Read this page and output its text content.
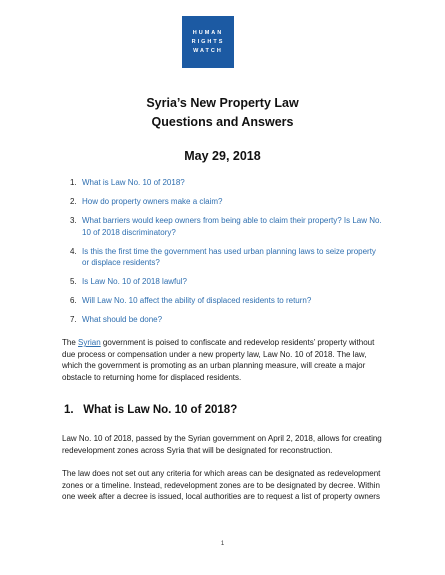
HUMAN
RIGHTS
WATCH
Syria’s New Property Law
Questions and Answers
May 29, 2018
1. What is Law No. 10 of 2018?
2. How do property owners make a claim?
3. What barriers would keep owners from being able to claim their property? Is Law No. 10 of 2018 discriminatory?
4. Is this the first time the government has used urban planning laws to seize property or displace residents?
5. Is Law No. 10 of 2018 lawful?
6. Will Law No. 10 affect the ability of displaced residents to return?
7. What should be done?

The Syrian government is poised to confiscate and redevelop residents’ property without due process or compensation under a new property law, Law No. 10 of 2018. The law, which the government is promoting as an urban planning measure, will create a major obstacle to returning home for displaced residents.

1. What is Law No. 10 of 2018?

Law No. 10 of 2018, passed by the Syrian government on April 2, 2018, allows for creating redevelopment zones across Syria that will be designated for reconstruction.

The law does not set out any criteria for which areas can be designated as redevelopment zones or a timeline. Instead, redevelopment zones are to be designated by decree. Within one week after a decree is issued, local authorities are to request a list of property owners

1
